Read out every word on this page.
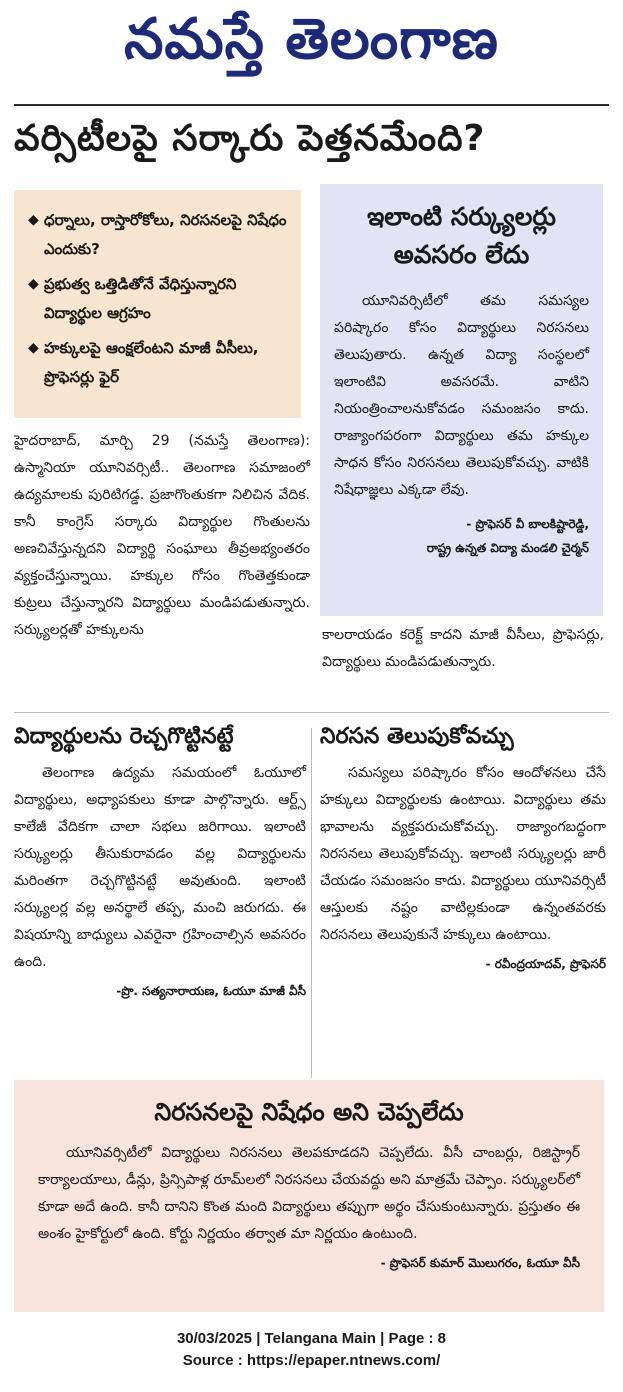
నమస్తే తెలంగాణ
వర్సిటీలపై సర్కారు పెత్తనమేంది?
◆ ధర్నాలు, రాస్తారోకోలు, నిరసనలపై నిషేధం ఎందుకు?
◆ ప్రభుత్వ ఒత్తిడితోనే వేధిస్తున్నారని విద్యార్థుల ఆగ్రహం
◆ హక్కులపై ఆంక్షలేంటని మాజీ వీసీలు, ప్రొఫెసర్లు ఫైర్
ఇలాంటి సర్క్యులర్లు అవసరం లేదు

యూనివర్సిటీలో తమ సమస్యల పరిష్కారం కోసం విద్యార్థులు నిరసనలు తెలుపుతారు. ఉన్నత విద్యా సంస్థలలో ఇలాంటివి అవసరమే. వాటిని నియంత్రించాలనుకోవడం సమంజసం కాదు. రాజ్యాంగపరంగా విద్యార్థులు తమ హక్కుల సాధన కోసం నిరసనలు తెలుపుకోవచ్చు. వాటికి నిషేధాజ్ఞలు ఎక్కడా లేవు.

- ప్రొఫెసర్ వీ బాలకిష్టారెడ్డి,
రాష్ట్ర ఉన్నత విద్యా మండలి చైర్మన్
హైదరాబాద్, మార్చి 29 (నమస్తే తెలంగాణ): ఉస్మానియా యూనివర్సిటీ.. తెలంగాణ సమాజంలో ఉద్యమాలకు పురిటిగడ్డ. ప్రజాగొంతుకగా నిలిచిన వేదిక. కానీ కాంగ్రెస్ సర్కారు విద్యార్థుల గొంతులను అణచివేస్తున్నదని విద్యార్థి సంఘాలు తీవ్రఅభ్యంతరం వ్యక్తంచేస్తున్నాయి. హక్కుల గోసం గొంతెత్తకుండా కుట్రలు చేస్తున్నారని విద్యార్థులు మండిపడుతున్నారు. సర్క్యులర్లతో హక్కులను	కాలరాయడం కరెక్ట్ కాదని మాజీ వీసీలు, ప్రొఫెసర్లు, విద్యార్థులు మండిపడుతున్నారు.
విద్యార్థులను రెచ్చగొట్టినట్టే

తెలంగాణ ఉద్యమ సమయంలో ఓయూలో విద్యార్థులు, అధ్యాపకులు కూడా పాల్గొన్నారు. ఆర్ట్స్ కాలేజీ వేదికగా చాలా సభలు జరిగాయి. ఇలాంటి సర్క్యులర్లు తీసుకురావడం వల్ల విద్యార్థులను మరింతగా రెచ్చగొట్టినట్టే అవుతుంది. ఇలాంటి సర్క్యులర్ల వల్ల అనర్థాలే తప్ప, మంచి జరుగదు. ఈ విషయాన్ని బాధ్యులు ఎవరైనా గ్రహించాల్సిన అవసరం ఉంది.

-ప్రొ. సత్యనారాయణ, ఓయూ మాజీ వీసీ
నిరసన తెలుపుకోవచ్చు

సమస్యలు పరిష్కారం కోసం ఆందోళనలు చేసే హక్కులు విద్యార్థులకు ఉంటాయి. విద్యార్థులు తమ భావాలను వ్యక్తపరుచుకోవచ్చు. రాజ్యాంగబద్ధంగా నిరసనలు తెలుపుకోవచ్చు. ఇలాంటి సర్క్యులర్లు జారీ చేయడం సమంజసం కాదు. విద్యార్థులు యూనివర్సిటీ ఆస్తులకు నష్టం వాటిల్లకుండా ఉన్నంతవరకు నిరసనలు తెలుపుకునే హక్కులు ఉంటాయి.

- రవీంద్రయాదవ్, ప్రొఫెసర్
నిరసనలపై నిషేధం అని చెప్పలేదు

యూనివర్సిటీలో విద్యార్థులు నిరసనలు తెలపకూడదని చెప్పలేదు. వీసీ చాంబర్లు, రిజిస్ట్రార్ కార్యాలయాలు, డీన్లు, ప్రిన్సిపాళ్ల రూమ్‌లలో నిరసనలు చేయవద్దు అని మాత్రమే చెప్పాం. సర్క్యులర్‌లో కూడా అదే ఉంది. కానీ దానిని కొంత మంది విద్యార్థులు తప్పుగా అర్థం చేసుకుంటున్నారు. ప్రస్తుతం ఈ అంశం హైకోర్టులో ఉంది. కోర్టు నిర్ణయం తర్వాత మా నిర్ణయం ఉంటుంది.

- ప్రొఫెసర్ కుమార్ మొలుగరం, ఓయూ వీసీ
30/03/2025 | Telangana Main | Page : 8
Source : https://epaper.ntnews.com/
